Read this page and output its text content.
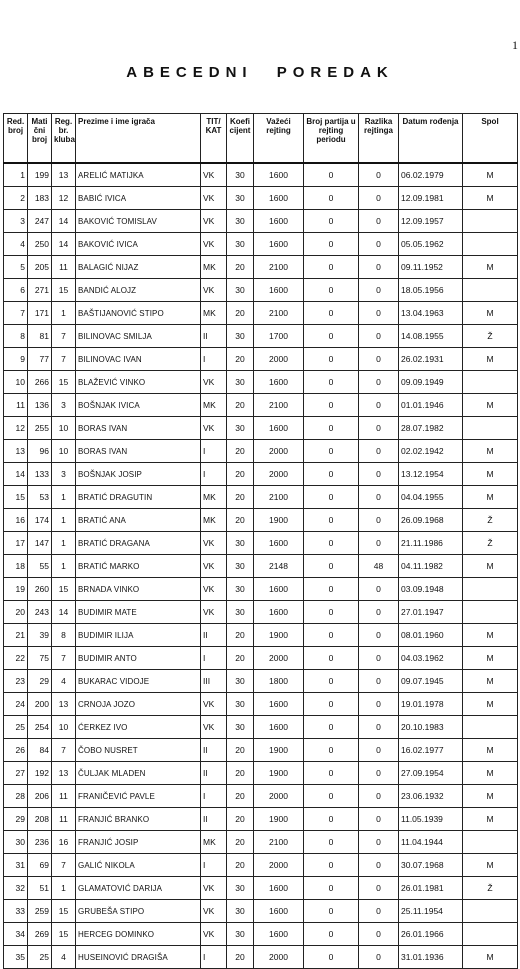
1
ABECEDNI POREDAK
Red. broj	Mati čni broj	Reg. br. kluba	Prezime i ime igrača	TIT/ KAT	Koefi cijent	Važeći rejting	Broj partija u rejting periodu	Razlika rejtinga	Datum rođenja	Spol
1	199	13	ARELIĆ MATIJKA	VK	30	1600	0	0	06.02.1979	M
2	183	12	BABIĆ IVICA	VK	30	1600	0	0	12.09.1981	M
3	247	14	BAKOVIĆ TOMISLAV	VK	30	1600	0	0	12.09.1957	
4	250	14	BAKOVIĆ IVICA	VK	30	1600	0	0	05.05.1962	
5	205	11	BALAGIĆ NIJAZ	MK	20	2100	0	0	09.11.1952	M
6	271	15	BANDIĆ ALOJZ	VK	30	1600	0	0	18.05.1956	
7	171	1	BAŠTIJANOVIĆ STIPO	MK	20	2100	0	0	13.04.1963	M
8	81	7	BILINOVAC SMILJA	II	30	1700	0	0	14.08.1955	Ž
9	77	7	BILINOVAC IVAN	I	20	2000	0	0	26.02.1931	M
10	266	15	BLAŽEVIĆ VINKO	VK	30	1600	0	0	09.09.1949	
11	136	3	BOŠNJAK IVICA	MK	20	2100	0	0	01.01.1946	M
12	255	10	BORAS IVAN	VK	30	1600	0	0	28.07.1982	
13	96	10	BORAS IVAN	I	20	2000	0	0	02.02.1942	M
14	133	3	BOŠNJAK JOSIP	I	20	2000	0	0	13.12.1954	M
15	53	1	BRATIĆ DRAGUTIN	MK	20	2100	0	0	04.04.1955	M
16	174	1	BRATIĆ ANA	MK	20	1900	0	0	26.09.1968	Ž
17	147	1	BRATIĆ DRAGANA	VK	30	1600	0	0	21.11.1986	Ž
18	55	1	BRATIĆ MARKO	VK	30	2148	0	48	04.11.1982	M
19	260	15	BRNADA VINKO	VK	30	1600	0	0	03.09.1948	
20	243	14	BUDIMIR MATE	VK	30	1600	0	0	27.01.1947	
21	39	8	BUDIMIR ILIJA	II	20	1900	0	0	08.01.1960	M
22	75	7	BUDIMIR ANTO	I	20	2000	0	0	04.03.1962	M
23	29	4	BUKARAC VIDOJE	III	30	1800	0	0	09.07.1945	M
24	200	13	CRNOJA JOZO	VK	30	1600	0	0	19.01.1978	M
25	254	10	ĆERKEZ IVO	VK	30	1600	0	0	20.10.1983	
26	84	7	ČOBO NUSRET	II	20	1900	0	0	16.02.1977	M
27	192	13	ČULJAK MLADEN	II	20	1900	0	0	27.09.1954	M
28	206	11	FRANIČEVIĆ PAVLE	I	20	2000	0	0	23.06.1932	M
29	208	11	FRANJIĆ BRANKO	II	20	1900	0	0	11.05.1939	M
30	236	16	FRANJIĆ JOSIP	MK	20	2100	0	0	11.04.1944	
31	69	7	GALIĆ NIKOLA	I	20	2000	0	0	30.07.1968	M
32	51	1	GLAMATOVIĆ DARIJA	VK	30	1600	0	0	26.01.1981	Ž
33	259	15	GRUBEŠA STIPO	VK	30	1600	0	0	25.11.1954	
34	269	15	HERCEG DOMINKO	VK	30	1600	0	0	26.01.1966	
35	25	4	HUSEINOVIĆ DRAGIŠA	I	20	2000	0	0	31.01.1936	M
